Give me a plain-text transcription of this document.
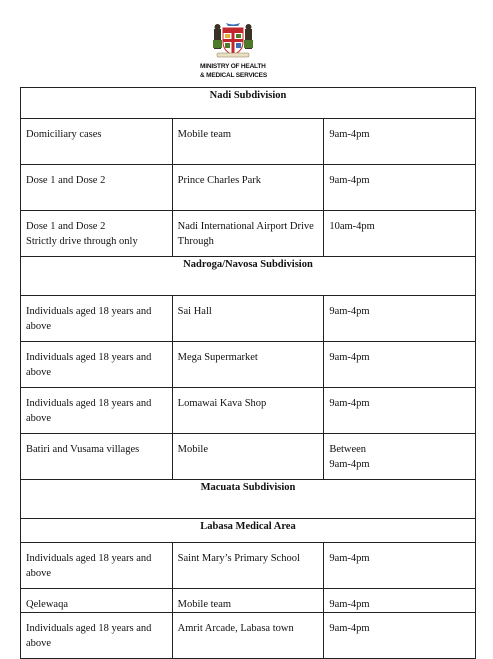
MINISTRY OF HEALTH
& MEDICAL SERVICES
Nadi Subdivision		
Domiciliary cases	Mobile team	9am-4pm

Dose 1 and Dose 2	Prince Charles Park	9am-4pm

Dose 1 and Dose 2
Strictly drive through only	Nadi International Airport Drive Through	10am-4pm

Nadroga/Navosa Subdivision		
Individuals aged 18 years and
above	Sai Hall	9am-4pm

Individuals aged 18 years and
above	Mega Supermarket	9am-4pm

Individuals aged 18 years and
above	Lomawai Kava Shop	9am-4pm

Batiri and Vusama villages	Mobile	Between
9am-4pm

Macuata Subdivision		
Labasa Medical Area		
Individuals aged 18 years and
above	Saint Mary’s Primary School	9am-4pm

Qelewaqa	Mobile team	9am-4pm

Individuals aged 18 years and
above	Amrit Arcade, Labasa town	9am-4pm
